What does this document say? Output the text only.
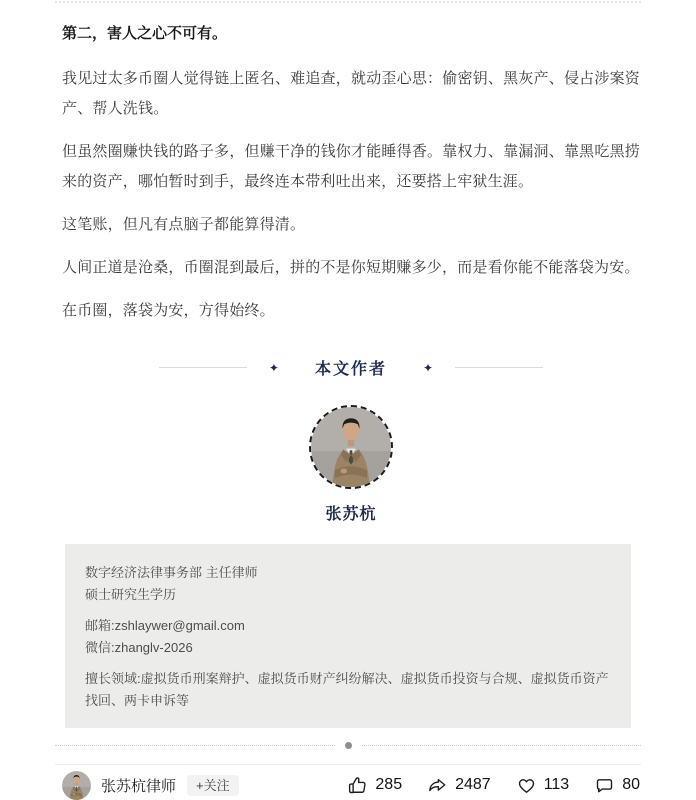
第二，害人之心不可有。

我见过太多币圈人觉得链上匿名、难追查，就动歪心思：偷密钥、黑灰产、侵占涉案资产、帮人洗钱。

但虽然圈赚快钱的路子多，但赚干净的钱你才能睡得香。靠权力、靠漏洞、靠黑吃黑捞来的资产，哪怕暂时到手，最终连本带利吐出来，还要搭上牢狱生涯。

这笔账，但凡有点脑子都能算得清。

人间正道是沧桑，币圈混到最后，拼的不是你短期赚多少，而是看你能不能落袋为安。

在币圈，落袋为安，方得始终。

✦ 本文作者	✦
张苏杭
数字经济法律事务部 主任律师
硕士研究生学历
邮箱:zshlaywer@gmail.com
微信:zhanglv-2026
擅长领域:虚拟货币刑案辩护、虚拟货币财产纠纷解决、虚拟货币投资与合规、虚拟货币资产找回、两卡申诉等
张苏杭律师	+关注	285	2487	113	80
